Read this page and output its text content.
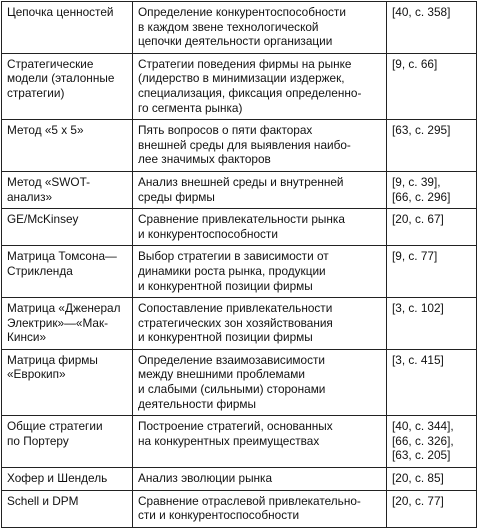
Цепочка ценностей	Определение конкурентоспособности
в каждом звене технологической
цепочки деятельности организации	[40, с. 358]
Стратегические
модели (эталонные
стратегии)	Стратегии поведения фирмы на рынке
(лидерство в минимизации издержек,
специализация, фиксация определенно-
го сегмента рынка)	[9, с. 66]
Метод «5 x 5»	Пять вопросов о пяти факторах
внешней среды для выявления наибо-
лее значимых факторов	[63, с. 295]
Метод «SWOT-
анализ»	Анализ внешней среды и внутренней
среды фирмы	[9, с. 39],
[66, с. 296]
GE/McKinsey	Сравнение привлекательности рынка
и конкурентоспособности	[20, с. 67]
Матрица Томсона—
Стрикленда	Выбор стратегии в зависимости от
динамики роста рынка, продукции
и конкурентной позиции фирмы	[9, с. 77]
Матрица «Дженерал
Электрик»—«Мак-
Кинси»	Сопоставление привлекательности
стратегических зон хозяйствования
и конкурентной позиции фирмы	[3, с. 102]
Матрица фирмы
«Еврокип»	Определение взаимозависимости
между внешними проблемами
и слабыми (сильными) сторонами
деятельности фирмы	[3, с. 415]
Общие стратегии
по Портеру	Построение стратегий, основанных
на конкурентных преимуществах	[40, с. 344],
[66, с. 326],
[63, с. 205]
Хофер и Шендель	Анализ эволюции рынка	[20, с. 85]
Schell и DPM	Сравнение отраслевой привлекательно-
сти и конкурентоспособности	[20, с. 77]
